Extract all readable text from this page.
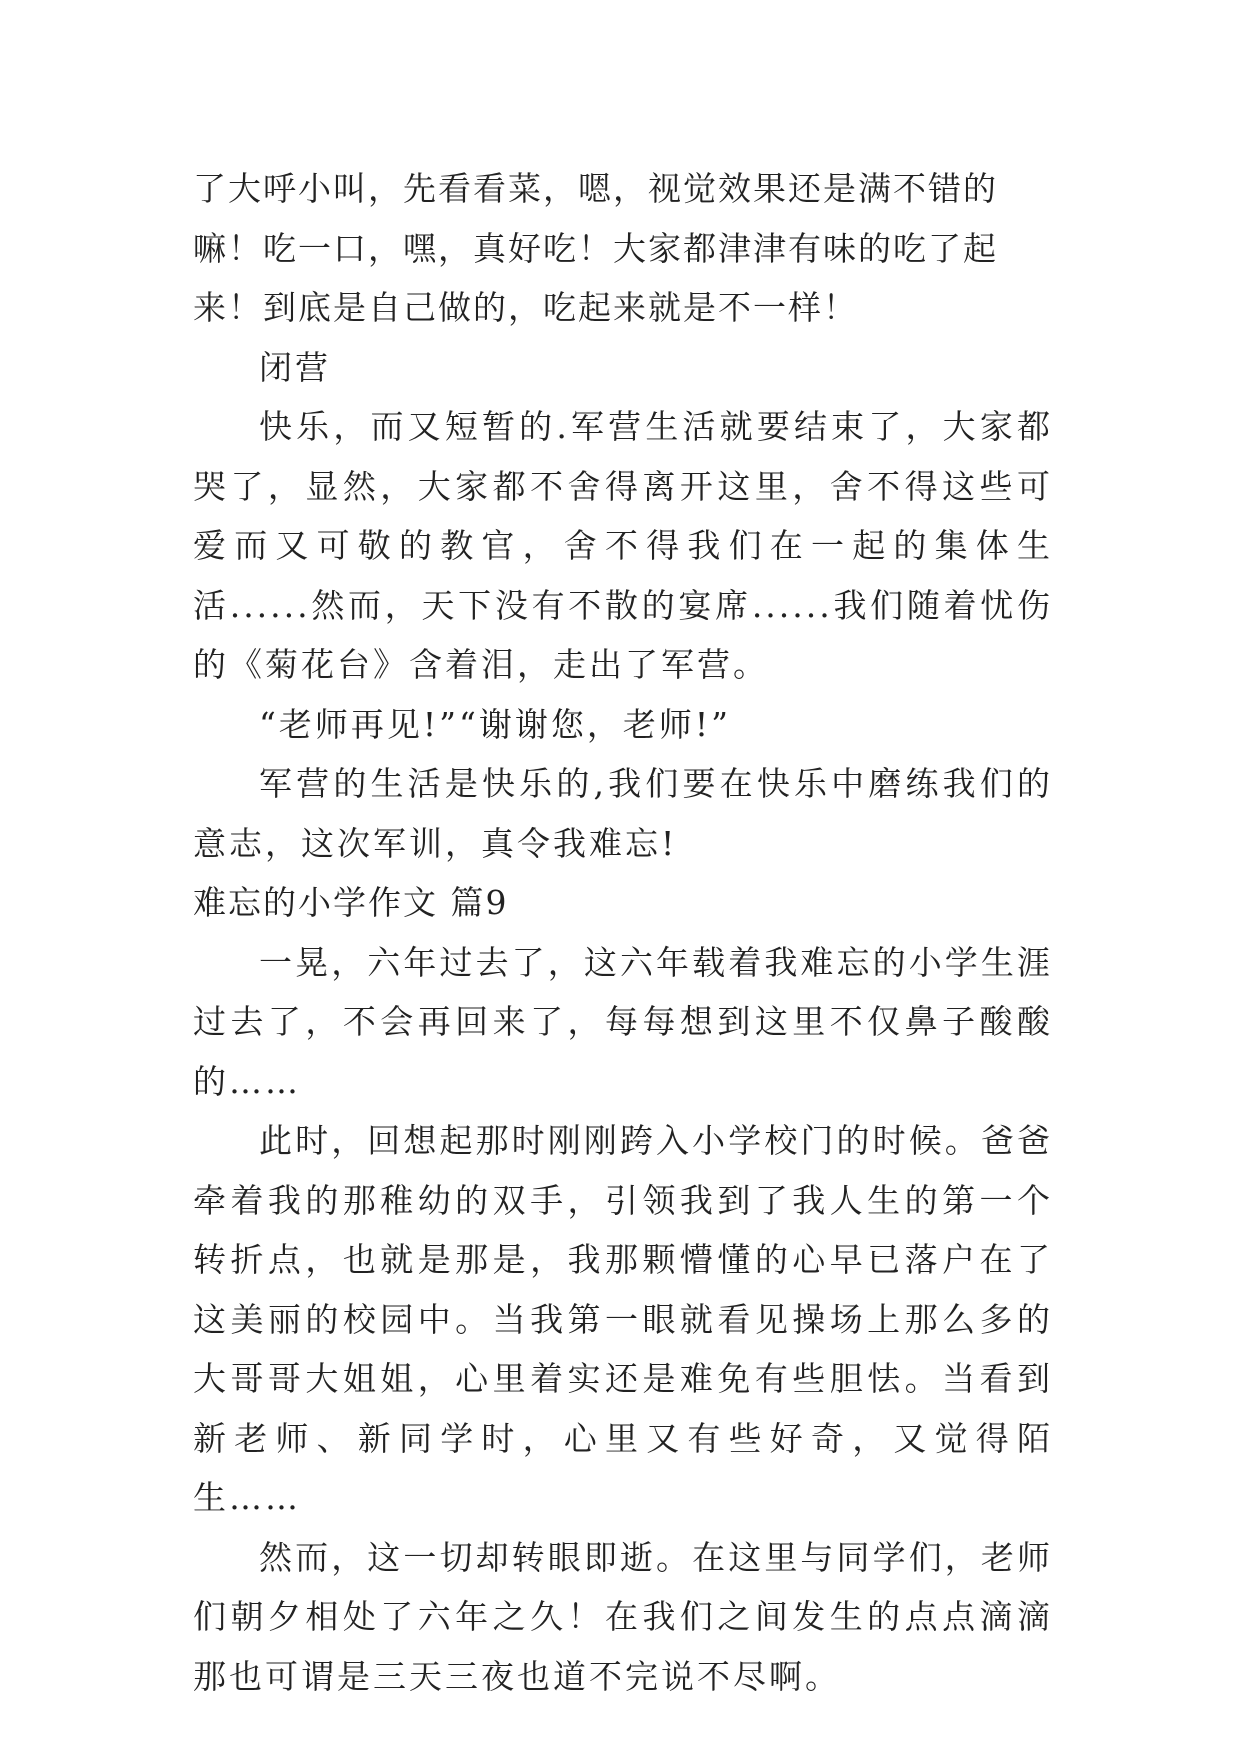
了大呼小叫，先看看菜，嗯，视觉效果还是满不错的嘛！吃一口，嘿，真好吃！大家都津津有味的吃了起来！到底是自己做的，吃起来就是不一样！

闭营

快乐，而又短暂的.军营生活就要结束了，大家都哭了，显然，大家都不舍得离开这里，舍不得这些可爱而又可敬的教官，舍不得我们在一起的集体生活......然而，天下没有不散的宴席......我们随着忧伤的《菊花台》含着泪，走出了军营。

“老师再见!”“谢谢您，老师!”

军营的生活是快乐的,我们要在快乐中磨练我们的意志，这次军训，真令我难忘!

难忘的小学作文 篇9

一晃，六年过去了，这六年载着我难忘的小学生涯过去了，不会再回来了，每每想到这里不仅鼻子酸酸的……

此时，回想起那时刚刚跨入小学校门的时候。爸爸牵着我的那稚幼的双手，引领我到了我人生的第一个转折点，也就是那是，我那颗懵懂的心早已落户在了这美丽的校园中。当我第一眼就看见操场上那么多的大哥哥大姐姐，心里着实还是难免有些胆怯。当看到新老师、新同学时，心里又有些好奇，又觉得陌生……

然而，这一切却转眼即逝。在这里与同学们，老师们朝夕相处了六年之久！在我们之间发生的点点滴滴那也可谓是三天三夜也道不完说不尽啊。
